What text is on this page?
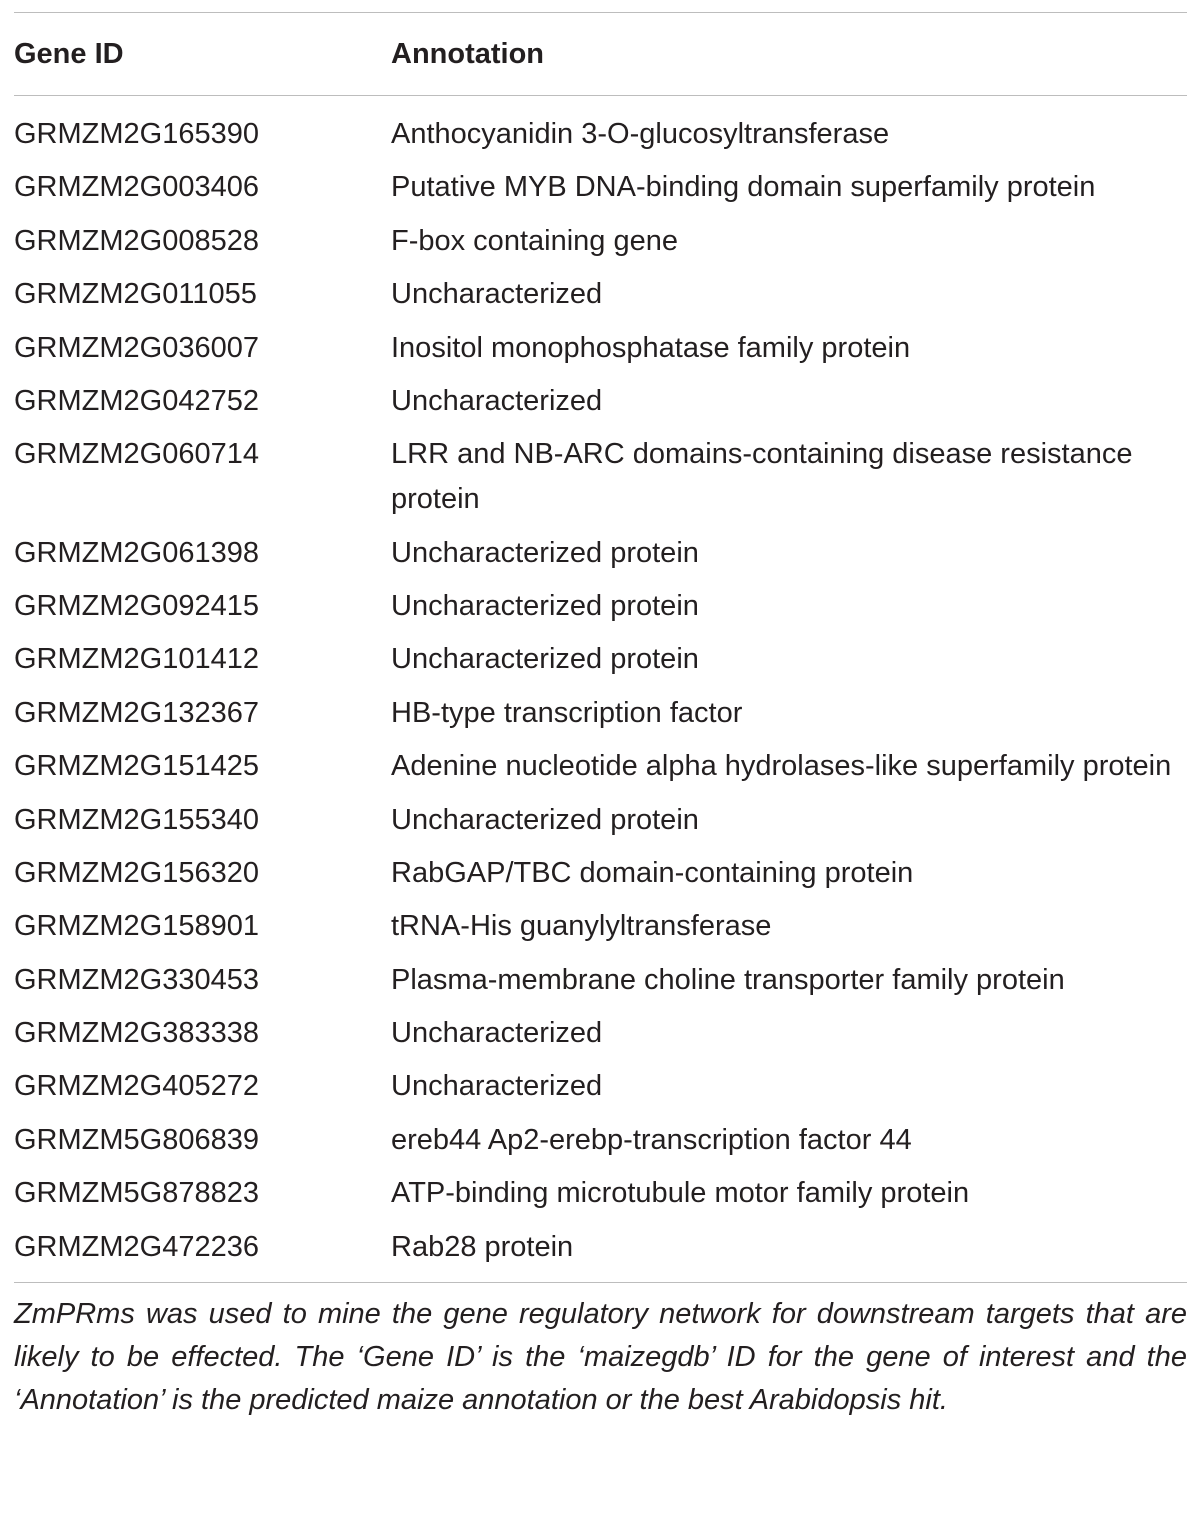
Gene ID	Annotation
GRMZM2G165390	Anthocyanidin 3-O-glucosyltransferase
GRMZM2G003406	Putative MYB DNA-binding domain superfamily protein
GRMZM2G008528	F-box containing gene
GRMZM2G011055	Uncharacterized
GRMZM2G036007	Inositol monophosphatase family protein
GRMZM2G042752	Uncharacterized
GRMZM2G060714	LRR and NB-ARC domains-containing disease resistance protein
GRMZM2G061398	Uncharacterized protein
GRMZM2G092415	Uncharacterized protein
GRMZM2G101412	Uncharacterized protein
GRMZM2G132367	HB-type transcription factor
GRMZM2G151425	Adenine nucleotide alpha hydrolases-like superfamily protein
GRMZM2G155340	Uncharacterized protein
GRMZM2G156320	RabGAP/TBC domain-containing protein
GRMZM2G158901	tRNA-His guanylyltransferase
GRMZM2G330453	Plasma-membrane choline transporter family protein
GRMZM2G383338	Uncharacterized
GRMZM2G405272	Uncharacterized
GRMZM5G806839	ereb44 Ap2-erebp-transcription factor 44
GRMZM5G878823	ATP-binding microtubule motor family protein
GRMZM2G472236	Rab28 protein
ZmPRms was used to mine the gene regulatory network for downstream targets that are likely to be effected. The ‘Gene ID’ is the ‘maizegdb’ ID for the gene of interest and the ‘Annotation’ is the predicted maize annotation or the best Arabidopsis hit.
